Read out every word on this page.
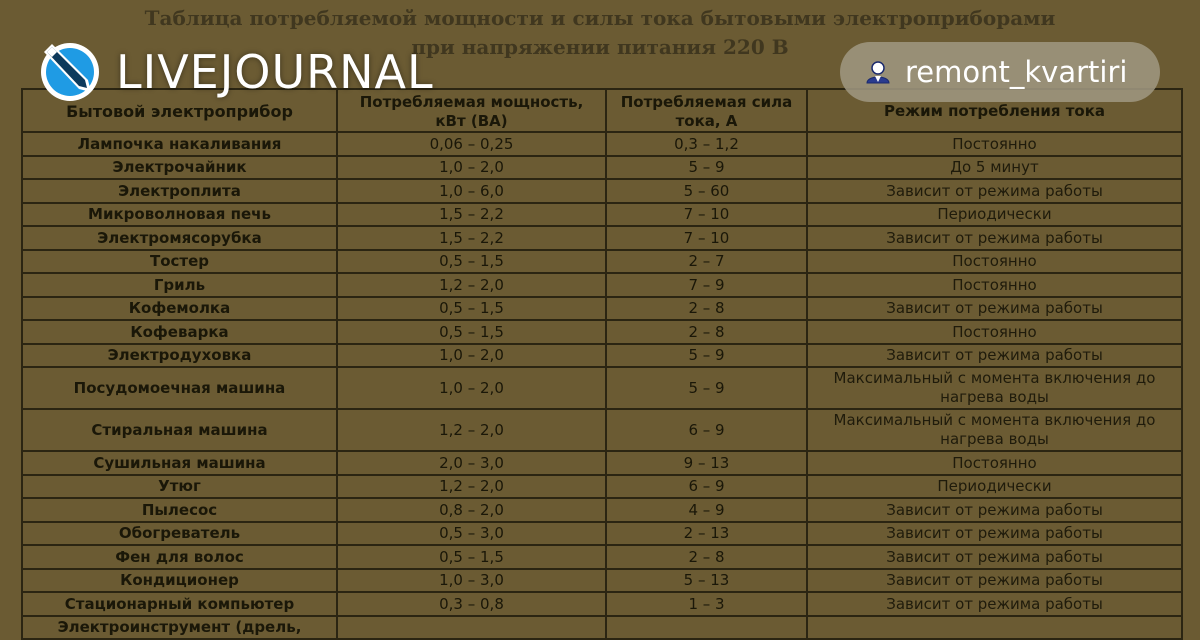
Таблица потребляемой мощности и силы тока бытовыми электроприборами
при напряжении питания 220 В
Бытовой электроприбор	Потребляемая мощность, кВт (ВА)	Потребляемая сила тока, А	Режим потребления тока
Лампочка накаливания	0,06 – 0,25	0,3 – 1,2	Постоянно
Электрочайник	1,0 – 2,0	5 – 9	До 5 минут
Электроплита	1,0 – 6,0	5 – 60	Зависит от режима работы
Микроволновая печь	1,5 – 2,2	7 – 10	Периодически
Электромясорубка	1,5 – 2,2	7 – 10	Зависит от режима работы
Тостер	0,5 – 1,5	2 – 7	Постоянно
Гриль	1,2 – 2,0	7 – 9	Постоянно
Кофемолка	0,5 – 1,5	2 – 8	Зависит от режима работы
Кофеварка	0,5 – 1,5	2 – 8	Постоянно
Электродуховка	1,0 – 2,0	5 – 9	Зависит от режима работы
Посудомоечная машина	1,0 – 2,0	5 – 9	Максимальный с момента включения до нагрева воды
Стиральная машина	1,2 – 2,0	6 – 9	Максимальный с момента включения до нагрева воды
Сушильная машина	2,0 – 3,0	9 – 13	Постоянно
Утюг	1,2 – 2,0	6 – 9	Периодически
Пылесос	0,8 – 2,0	4 – 9	Зависит от режима работы
Обогреватель	0,5 – 3,0	2 – 13	Зависит от режима работы
Фен для волос	0,5 – 1,5	2 – 8	Зависит от режима работы
Кондиционер	1,0 – 3,0	5 – 13	Зависит от режима работы
Стационарный компьютер	0,3 – 0,8	1 – 3	Зависит от режима работы
Электроинструмент (дрель,			
LIVEJOURNAL	remont_kvartiri
